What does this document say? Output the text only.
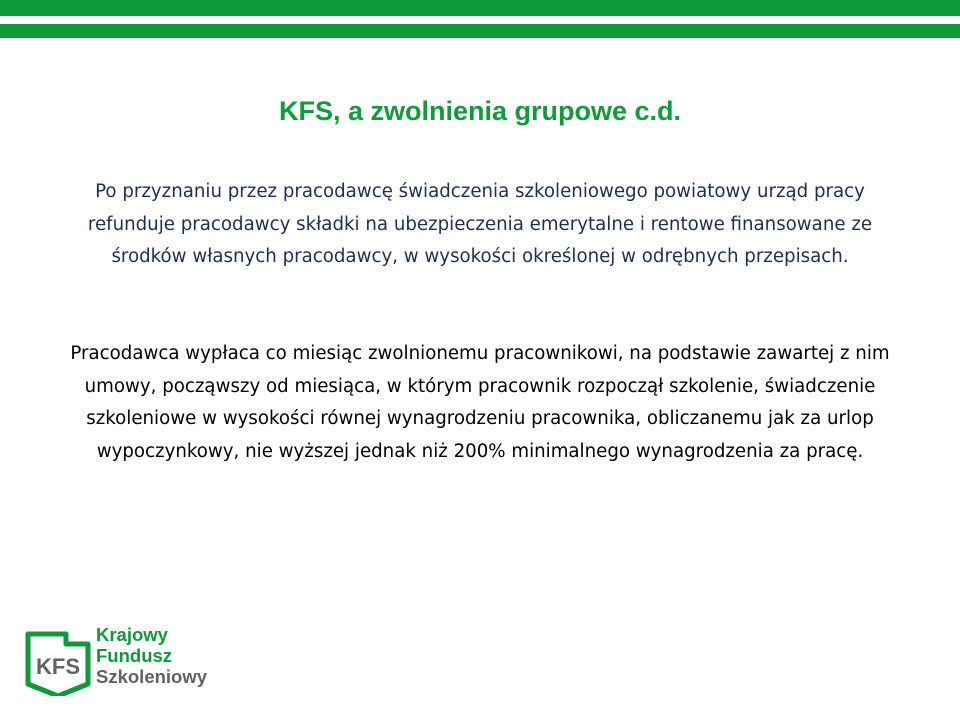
KFS, a zwolnienia grupowe c.d.
Po przyznaniu przez pracodawcę świadczenia szkoleniowego powiatowy urząd pracy refunduje pracodawcy składki na ubezpieczenia emerytalne i rentowe finansowane ze środków własnych pracodawcy, w wysokości określonej w odrębnych przepisach.
Pracodawca wypłaca co miesiąc zwolnionemu pracownikowi, na podstawie zawartej z nim umowy, począwszy od miesiąca, w którym pracownik rozpoczął szkolenie, świadczenie szkoleniowe w wysokości równej wynagrodzeniu pracownika, obliczanemu jak za urlop wypoczynkowy, nie wyższej jednak niż 200% minimalnego wynagrodzenia za pracę.
KFS
Krajowy
Fundusz
Szkoleniowy
